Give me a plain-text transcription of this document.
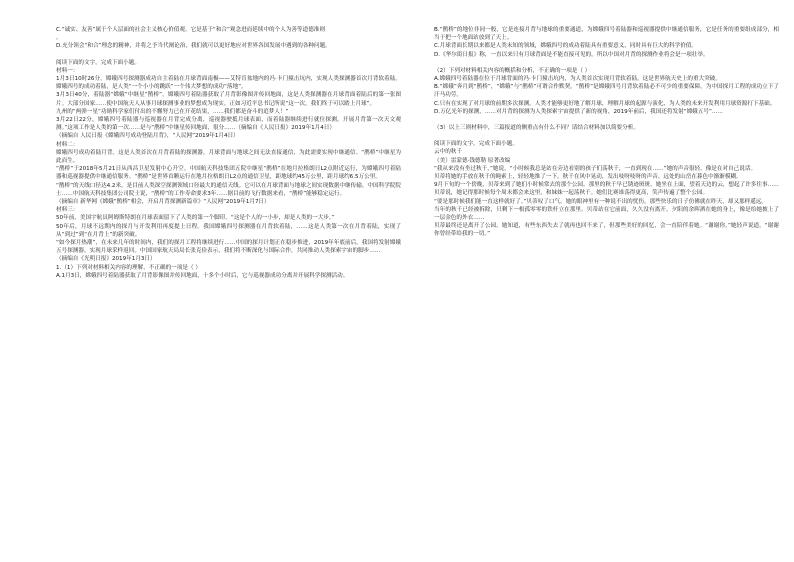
C.“诚实、友善”属于个人层面的社会主义核心价值观。它是基于“和合”观念进而延续中的个人为善等道德准则

。

D.充分领会“和合”理念的精神，并将之予当代阐论治，我们就可以更好地应对世界各国发展中遇到的各种问题。

阅读下面的文字，完成下面小题。

材料一：

1月3日10时26分，嫦娥四号探测器成功自主着陆在月球背面南极——艾特肯盆地内的冯·卡门撞击坑内，实现人类探测器首次月背软着陆。嫦娥四号的成功着陆，是人类“一个小小的跳跃”一个伟大梦想的成功“落地”。

3月3日40分，着陆器“嫦娥”中继星“鹊桥”，嫦娥四号着陆器获取了月背影像图并传回地面，这是人类探测器在月球背面着陆后的第一张图片。大部分国家……使中国航天人从事月球探测事业的梦想成为现实。正如习近平总书记所说“这一次，我们终于可以踏上月球”。

九州的“两弹一星”功勋科学家们付出的不懈努力已在开花结果，……我们都是奋斗的追梦人！”

3月22日22分，嫦娥四号着陆器与巡视器在月背完成分离，巡视器驶抵月球表面，而着陆器继续进行就位探测，开展月背第一次天文观测。”这项工作是人类的第一次……是与“鹊桥”中继星传回地面，很分……（摘编自《人民日报》2019年1月4日）

（摘编自 人民日报《嫦娥四号成功登陆月背》，“人民网”2019年1月4日）

材料二：

嫦娥四号成功着陆月背。这是人类首次在月背着陆的探测器，月球背面与地球之间无法直接通信，为此需要实现中继通信。“鹊桥”中继星为此而生。

“鹊桥”于2018年5月21日从西昌卫星发射中心升空。中国航天科技集团五院中继星“鹊桥”在地月拉格朗日L2点附近运行，为嫦娥四号着陆器和巡视器提供中继通信服务。“鹊桥”是世界首颗运行在地月拉格朗日L2点的通信卫星，距地球约45万公里，距月球约6.5万公里。

“鹊桥”的天线口径达4.2米，是目前人类深空探测领域口径最大的通信天线。它可以在月球背面与地球之间实现数据中继传输。中国科学院院士……中国航天科技集团公司院士说，“鹊桥”的工作寿命要求3年……据目前的飞行数据来看，“鹊桥”能够稳定运行。

（摘编自 新华网《嫦娥“鹊桥”相会，开启月背探测新篇章》“人民网”2019年1月7日）

材料三：

50年前，美国宇航员阿姆斯特朗在月球表面留下了人类的第一个脚印。“这是个人的一小步，却是人类的一大步。”

50年后，月球不远期内的探月与开发利用再度提上日程。我国嫦娥四号探测器在月背软着陆，……这是人类第一次在月背着陆，实现了从“到过”到“在月背上”的新突破。

“如今探月热潮”，在未来几年的时间内，我们的探月工程将继续进行……中国的探月计划正在稳步推进，2019年年底前后，我国将发射嫦娥五号探测器，实现月球采样返回。中国国家航天局局长张克俭表示，我们将不断深化与国际合作，共同推动人类探索宇宙的脚步……

（摘编自《光明日报》2019年1月3日）

1.（1）下列对材料相关内容的理解，不正确的一项是（ ）

A.1月3日，嫦娥四号着陆器获取了月背影像图并传回地面，十多个小时后，它与巡视器成功分离并开展科学探测活动。

B.“鹊桥”的地位非同一般，它是连接月背与地球的重要通道，为嫦娥四号着陆器和巡视器提供中继通信服务，它是任务的重要组成部分，相当于把一个地面站放到了天上。

C.月球背面长期以来都是人类未知的领域，嫦娥四号的成功着陆具有重要意义，同时具有巨大的科学价值。

D.《华尔街日报》称，一直以来只有月球背面是不能直接可见的，所以中国对月背的探测作业将会是一项壮举。

（2）下列对材料相关内容的概括和分析，不正确的一项是（ ）

A.嫦娥四号着陆器在位于月球背面的冯·卡门撞击坑内，为人类首次实现月背软着陆，这是世界航天史上的重大突破。

B.“嫦娥”奔月到“鹊桥”，“嫦娥”与“鹊桥”可谓合作默契。“鹊桥”是嫦娥四号月背软着陆必不可少的重要保障，为中国探月工程的成功立下了汗马功劳。

C.只有在实现了对月球的前期多次探测，人类才能够更好地了解月球，理解月球的起源与演化，为人类的未来开发利用月球资源打下基础。

D.万亿光年的探测，……对月背的探测为人类探索宇宙提供了新的视角，2019年前后，我国还将发射“嫦娥五号”……

（3）以上三则材料中，三篇报道的侧重点有什么不同？请结合材料加以简要分析。

阅读下面的文字，完成下面小题。

云中的秋千

（美）雷蒙德·钱德勒 原著改编

“我从来没有坐过秋千，”她说，“小时候我总是站在旁边看别的孩子们荡秋千，一直到现在……”她的声音很轻，像是在对自己说话。

贝蒂将她的手放在秋千的绳索上，轻轻地推了一下。秋千在风中晃动，发出吱呀吱呀的声音。远处的山峦在暮色中渐渐模糊。

9月下旬的一个傍晚，贝蒂来到了她们小时候常去的那个公园。那里的秋千早已锈迹斑斑，她坐在上面，望着天边的云，想起了许多往事……

贝蒂说，她记得那时候每个周末都会来这里，和妹妹一起荡秋千。她们比赛谁荡得更高，笑声传遍了整个公园。

“要是那时候我们能一直这样就好了。”贝蒂叹了口气。她的眼神里有一种说不出的忧伤。那些快乐的日子仿佛就在昨天，却又那样遥远。

当年的秋千已经被拆除，只剩下一根孤零零的铁杆立在那里。贝蒂站在它前面，久久没有离开。夕阳的余晖洒在她的身上，像是给她披上了一层金色的外衣……

贝蒂最终还是离开了公园。她知道，有些东西失去了就再也回不来了，但那些美好的回忆，会一直陪伴着她。“谢谢你，”她轻声说道，“谢谢你曾经带给我的一切。”
